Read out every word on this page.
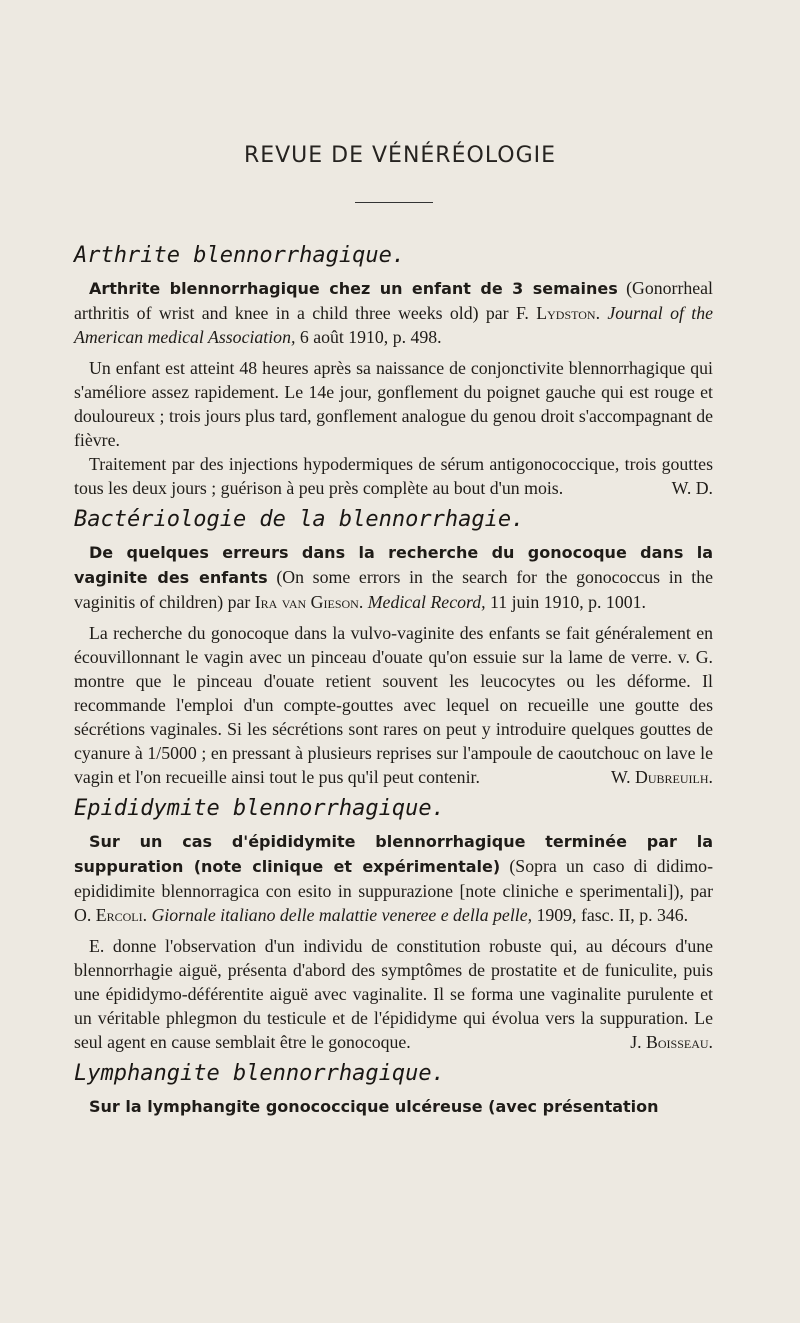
REVUE DE VÉNÉRÉOLOGIE
Arthrite blennorrhagique.

Arthrite blennorrhagique chez un enfant de 3 semaines (Gonorrheal arthritis of wrist and knee in a child three weeks old) par F. Lydston. Journal of the American medical Association, 6 août 1910, p. 498.

Un enfant est atteint 48 heures après sa naissance de conjonctivite blennorrhagique qui s'améliore assez rapidement. Le 14e jour, gonflement du poignet gauche qui est rouge et douloureux ; trois jours plus tard, gonflement analogue du genou droit s'accompagnant de fièvre.

Traitement par des injections hypodermiques de sérum antigonococcique, trois gouttes tous les deux jours ; guérison à peu près complète au bout d'un mois.	W. D.

Bactériologie de la blennorrhagie.

De quelques erreurs dans la recherche du gonocoque dans la vaginite des enfants (On some errors in the search for the gonococcus in the vaginitis of children) par Ira van Gieson. Medical Record, 11 juin 1910, p. 1001.

La recherche du gonocoque dans la vulvo-vaginite des enfants se fait généralement en écouvillonnant le vagin avec un pinceau d'ouate qu'on essuie sur la lame de verre. v. G. montre que le pinceau d'ouate retient souvent les leucocytes ou les déforme. Il recommande l'emploi d'un compte-gouttes avec lequel on recueille une goutte des sécrétions vaginales. Si les sécrétions sont rares on peut y introduire quelques gouttes de cyanure à 1/5000 ; en pressant à plusieurs reprises sur l'ampoule de caoutchouc on lave le vagin et l'on recueille ainsi tout le pus qu'il peut contenir.	W. Dubreuilh.

Epididymite blennorrhagique.

Sur un cas d'épididymite blennorrhagique terminée par la suppuration (note clinique et expérimentale) (Sopra un caso di didimo-epididimite blennorragica con esito in suppurazione [note cliniche e sperimentali]), par O. Ercoli. Giornale italiano delle malattie veneree e della pelle, 1909, fasc. II, p. 346.

E. donne l'observation d'un individu de constitution robuste qui, au décours d'une blennorrhagie aiguë, présenta d'abord des symptômes de prostatite et de funiculite, puis une épididymo-déférentite aiguë avec vaginalite. Il se forma une vaginalite purulente et un véritable phlegmon du testicule et de l'épididyme qui évolua vers la suppuration. Le seul agent en cause semblait être le gonocoque.	J. Boisseau.

Lymphangite blennorrhagique.

Sur la lymphangite gonococcique ulcéreuse (avec présentation
